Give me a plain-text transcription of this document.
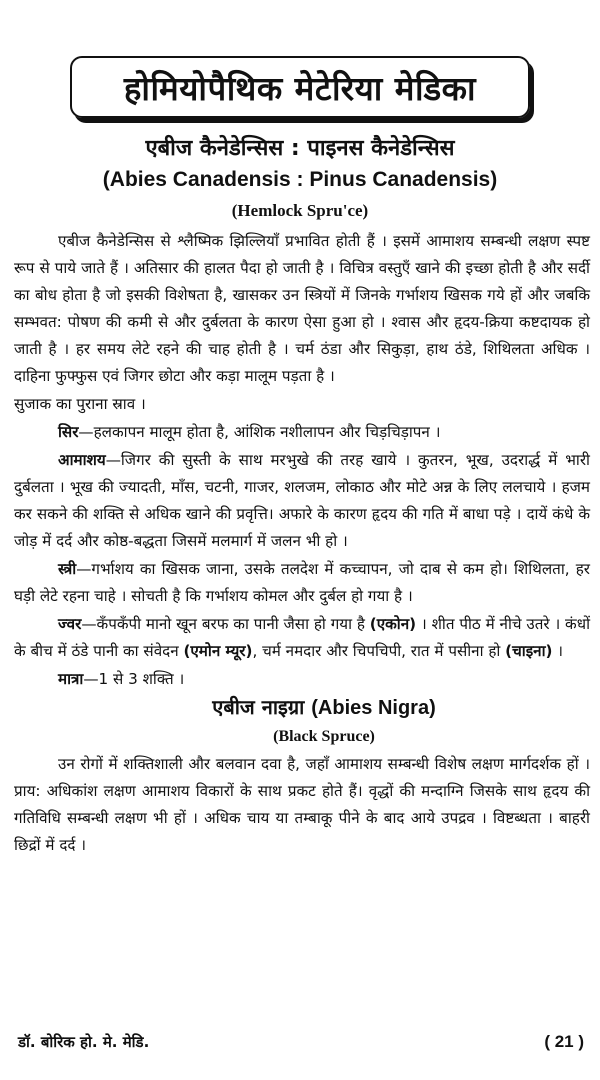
होमियोपैथिक मेटेरिया मेडिका
एबीज कैनेडेन्सिस : पाइनस कैनेडेन्सिस
(Abies Canadensis : Pinus Canadensis)
(Hemlock Spru'ce)

एबीज कैनेडेन्सिस से श्लैष्मिक झिल्लियाँ प्रभावित होती हैं । इसमें आमाशय सम्बन्धी लक्षण स्पष्ट रूप से पाये जाते हैं । अतिसार की हालत पैदा हो जाती है । विचित्र वस्तुएँ खाने की इच्छा होती है और सर्दी का बोध होता है जो इसकी विशेषता है, खासकर उन स्त्रियों में जिनके गर्भाशय खिसक गये हों और जबकि सम्भवत: पोषण की कमी से और दुर्बलता के कारण ऐसा हुआ हो । श्वास और हृदय-क्रिया कष्टदायक हो जाती है । हर समय लेटे रहने की चाह होती है । चर्म ठंडा और सिकुड़ा, हाथ ठंडे, शिथिलता अधिक । दाहिना फुफ्फुस एवं जिगर छोटा और कड़ा मालूम पड़ता है ।

सुजाक का पुराना स्राव ।

सिर—हलकापन मालूम होता है, आंशिक नशीलापन और चिड़चिड़ापन ।

आमाशय—जिगर की सुस्ती के साथ मरभुखे की तरह खाये । कुतरन, भूख, उदरार्द्ध में भारी दुर्बलता । भूख की ज्यादती, माँस, चटनी, गाजर, शलजम, लोकाठ और मोटे अन्न के लिए ललचाये । हजम कर सकने की शक्ति से अधिक खाने की प्रवृत्ति। अफारे के कारण हृदय की गति में बाधा पड़े । दायें कंधे के जोड़ में दर्द और कोष्ठ-बद्धता जिसमें मलमार्ग में जलन भी हो ।

स्त्री—गर्भाशय का खिसक जाना, उसके तलदेश में कच्चापन, जो दाब से कम हो। शिथिलता, हर घड़ी लेटे रहना चाहे । सोचती है कि गर्भाशय कोमल और दुर्बल हो गया है ।

ज्वर—कँपकँपी मानो खून बरफ का पानी जैसा हो गया है (एकोन) । शीत पीठ में नीचे उतरे । कंधों के बीच में ठंडे पानी का संवेदन (एमोन म्यूर), चर्म नमदार और चिपचिपी, रात में पसीना हो (चाइना) ।

मात्रा—1 से 3 शक्ति ।

एबीज नाइग्रा (Abies Nigra)

(Black Spruce)

उन रोगों में शक्तिशाली और बलवान दवा है, जहाँ आमाशय सम्बन्धी विशेष लक्षण मार्गदर्शक हों । प्राय: अधिकांश लक्षण आमाशय विकारों के साथ प्रकट होते हैं। वृद्धों की मन्दाग्नि जिसके साथ हृदय की गतिविधि सम्बन्धी लक्षण भी हों । अधिक चाय या तम्बाकू पीने के बाद आये उपद्रव । विष्टब्धता । बाहरी छिद्रों में दर्द ।

डॉ. बोरिक हो. मे. मेडि.	( 21 )
